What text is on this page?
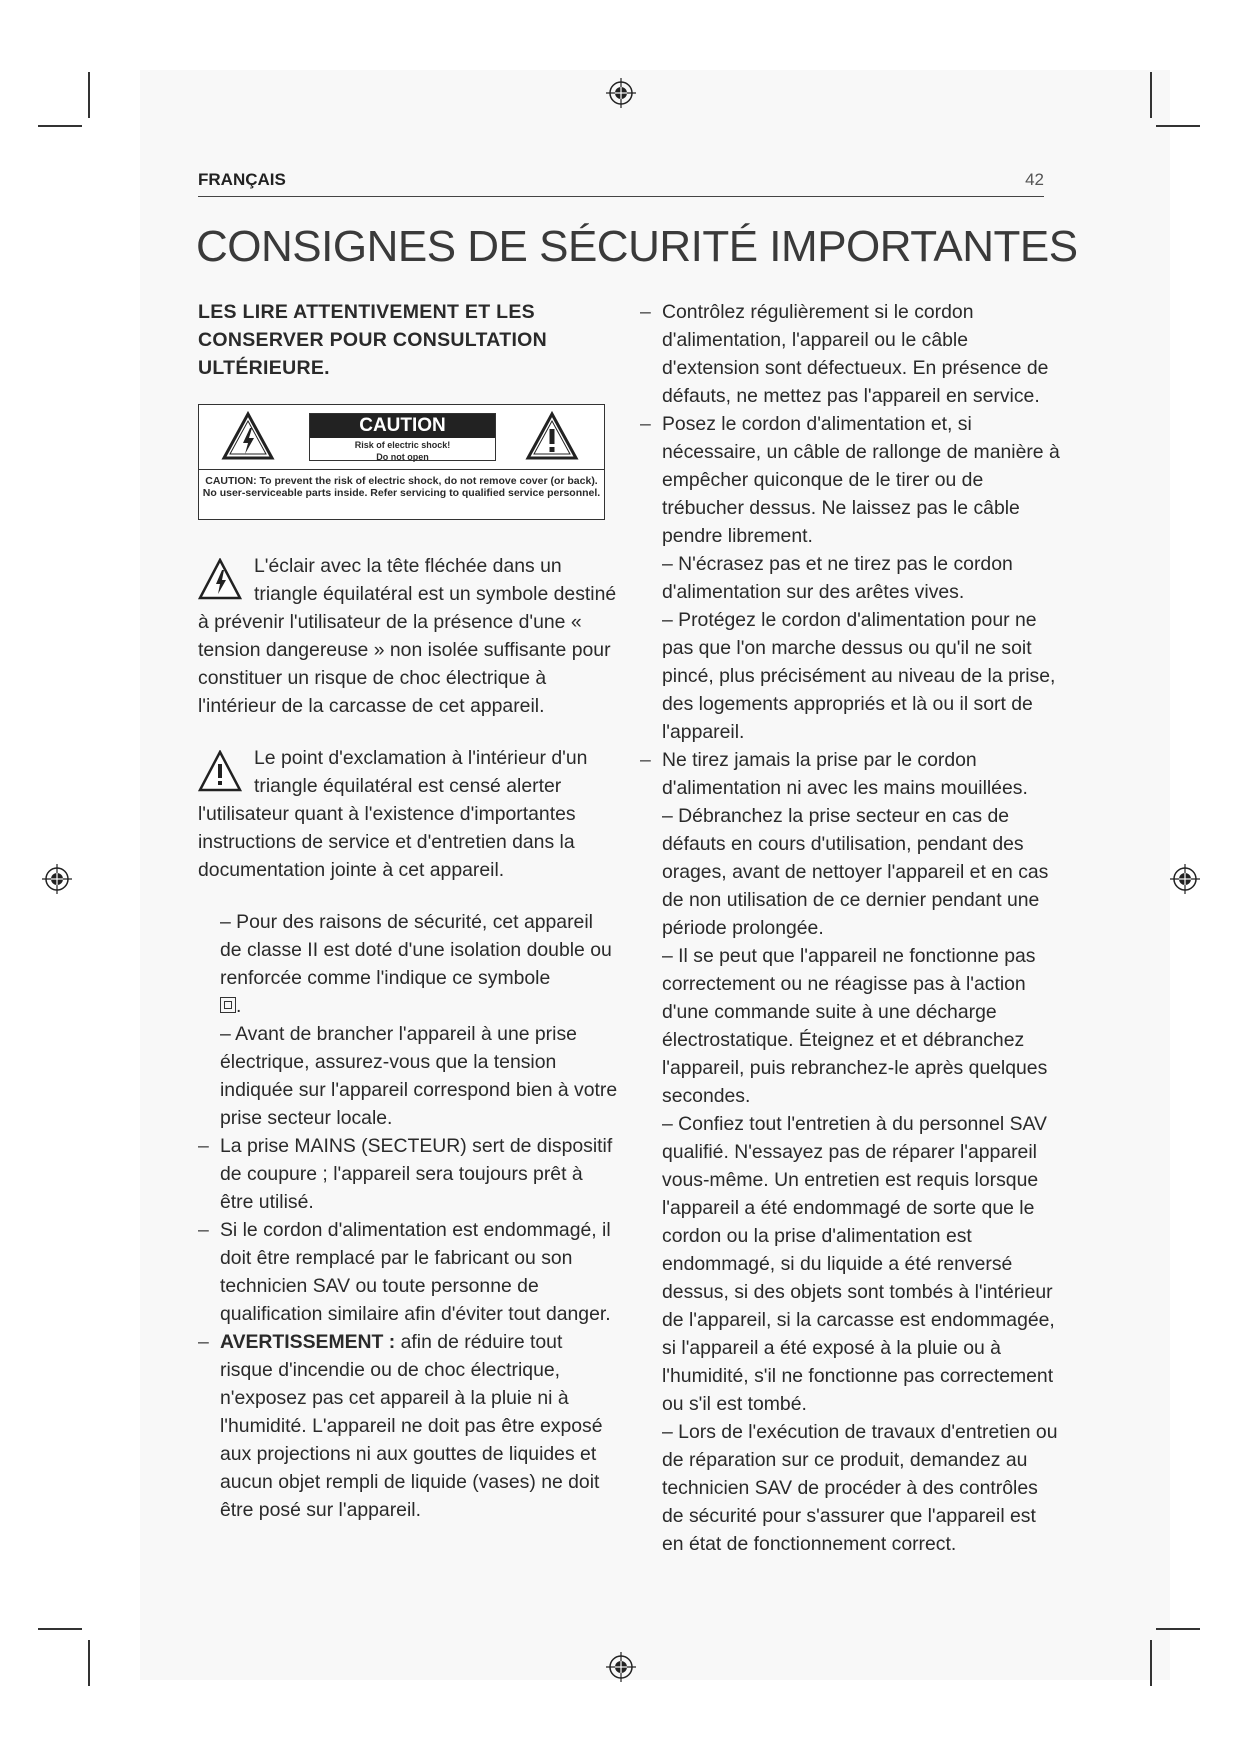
FRANÇAIS	42
CONSIGNES DE SÉCURITÉ IMPORTANTES
LES LIRE ATTENTIVEMENT ET LES CONSERVER POUR CONSULTATION ULTÉRIEURE.
CAUTION
Risk of electric shock!
Do not open
CAUTION: To prevent the risk of electric shock, do not remove cover (or back). No user-serviceable parts inside. Refer servicing to qualified service personnel.
L'éclair avec la tête fléchée dans un triangle équilatéral est un symbole destiné à prévenir l'utilisateur de la présence d'une « tension dangereuse » non isolée suffisante pour constituer un risque de choc électrique à l'intérieur de la carcasse de cet appareil.
Le point d'exclamation à l'intérieur d'un triangle équilatéral est censé alerter l'utilisateur quant à l'existence d'importantes instructions de service et d'entretien dans la documentation jointe à cet appareil.
– Pour des raisons de sécurité, cet appareil de classe II est doté d'une isolation double ou renforcée comme l'indique ce symbole
.
– Avant de brancher l'appareil à une prise électrique, assurez-vous que la tension indiquée sur l'appareil correspond bien à votre prise secteur locale.
– La prise MAINS (SECTEUR) sert de dispositif de coupure ; l'appareil sera toujours prêt à être utilisé.
– Si le cordon d'alimentation est endommagé, il doit être remplacé par le fabricant ou son technicien SAV ou toute personne de qualification similaire afin d'éviter tout danger.
– AVERTISSEMENT : afin de réduire tout risque d'incendie ou de choc électrique, n'exposez pas cet appareil à la pluie ni à l'humidité. L'appareil ne doit pas être exposé aux projections ni aux gouttes de liquides et aucun objet rempli de liquide (vases) ne doit être posé sur l'appareil.
– Contrôlez régulièrement si le cordon d'alimentation, l'appareil ou le câble d'extension sont défectueux. En présence de défauts, ne mettez pas l'appareil en service.
– Posez le cordon d'alimentation et, si nécessaire, un câble de rallonge de manière à empêcher quiconque de le tirer ou de trébucher dessus. Ne laissez pas le câble pendre librement.
– N'écrasez pas et ne tirez pas le cordon d'alimentation sur des arêtes vives.
– Protégez le cordon d'alimentation pour ne pas que l'on marche dessus ou qu'il ne soit pincé, plus précisément au niveau de la prise, des logements appropriés et là ou il sort de l'appareil.
– Ne tirez jamais la prise par le cordon d'alimentation ni avec les mains mouillées.
– Débranchez la prise secteur en cas de défauts en cours d'utilisation, pendant des orages, avant de nettoyer l'appareil et en cas de non utilisation de ce dernier pendant une période prolongée.
– Il se peut que l'appareil ne fonctionne pas correctement ou ne réagisse pas à l'action d'une commande suite à une décharge électrostatique. Éteignez et et débranchez l'appareil, puis rebranchez-le après quelques secondes.
– Confiez tout l'entretien à du personnel SAV qualifié. N'essayez pas de réparer l'appareil vous-même. Un entretien est requis lorsque l'appareil a été endommagé de sorte que le cordon ou la prise d'alimentation est endommagé, si du liquide a été renversé dessus, si des objets sont tombés à l'intérieur de l'appareil, si la carcasse est endommagée, si l'appareil a été exposé à la pluie ou à l'humidité, s'il ne fonctionne pas correctement ou s'il est tombé.
– Lors de l'exécution de travaux d'entretien ou de réparation sur ce produit, demandez au technicien SAV de procéder à des contrôles de sécurité pour s'assurer que l'appareil est en état de fonctionnement correct.
